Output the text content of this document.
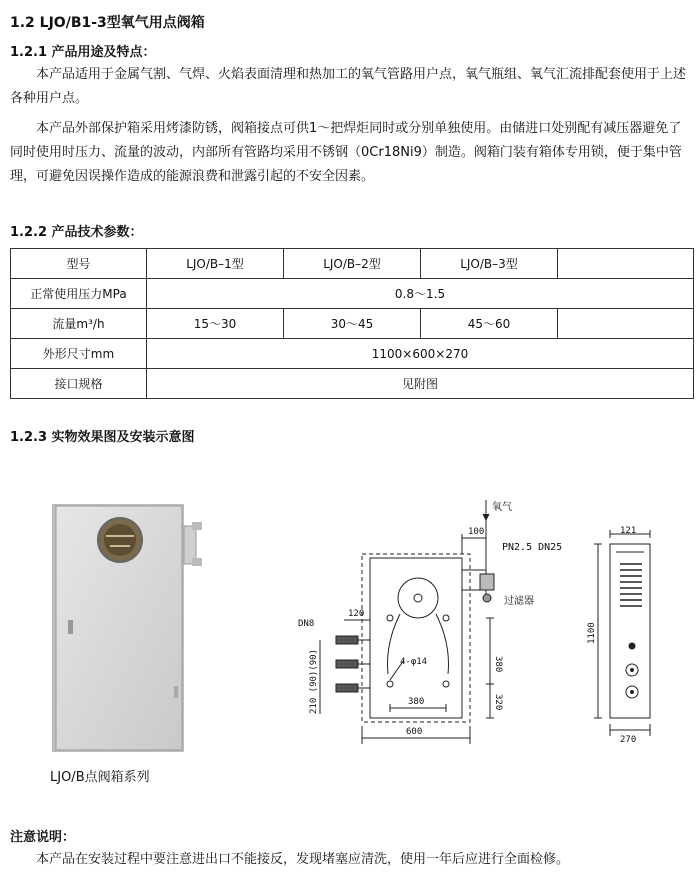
1.2 LJO/B1-3型氧气用点阀箱
1.2.1 产品用途及特点：

本产品适用于金属气割、气焊、火焰表面清理和热加工的氧气管路用户点，氧气瓶组、氧气汇流排配套使用于上述各种用户点。

本产品外部保护箱采用烤漆防锈，阀箱接点可供1～把焊炬同时或分别单独使用。由储进口处别配有减压器避免了同时使用时压力、流量的波动，内部所有管路均采用不锈钢（0Cr18Ni9）制造。阀箱门装有箱体专用锁，便于集中管理，可避免因误操作造成的能源浪费和泄露引起的不安全因素。

1.2.2 产品技术参数：
型号	LJO/B–1型	LJO/B–2型	LJO/B–3型	
正常使用压力MPa	0.8～1.5			
流量m³/h	15～30	30～45	45～60	
外形尺寸mm	1100×600×270			
接口规格	见附图			
1.2.3 实物效果图及安装示意图
LJO/B点阀箱系列
氧气
100
PN2.5 DN25
过滤器
120
DN8
4-φ14	380
320
380
600
210 (90)(90)
121
1100
270
注意说明：

本产品在安装过程中要注意进出口不能接反，发现堵塞应清洗，使用一年后应进行全面检修。
